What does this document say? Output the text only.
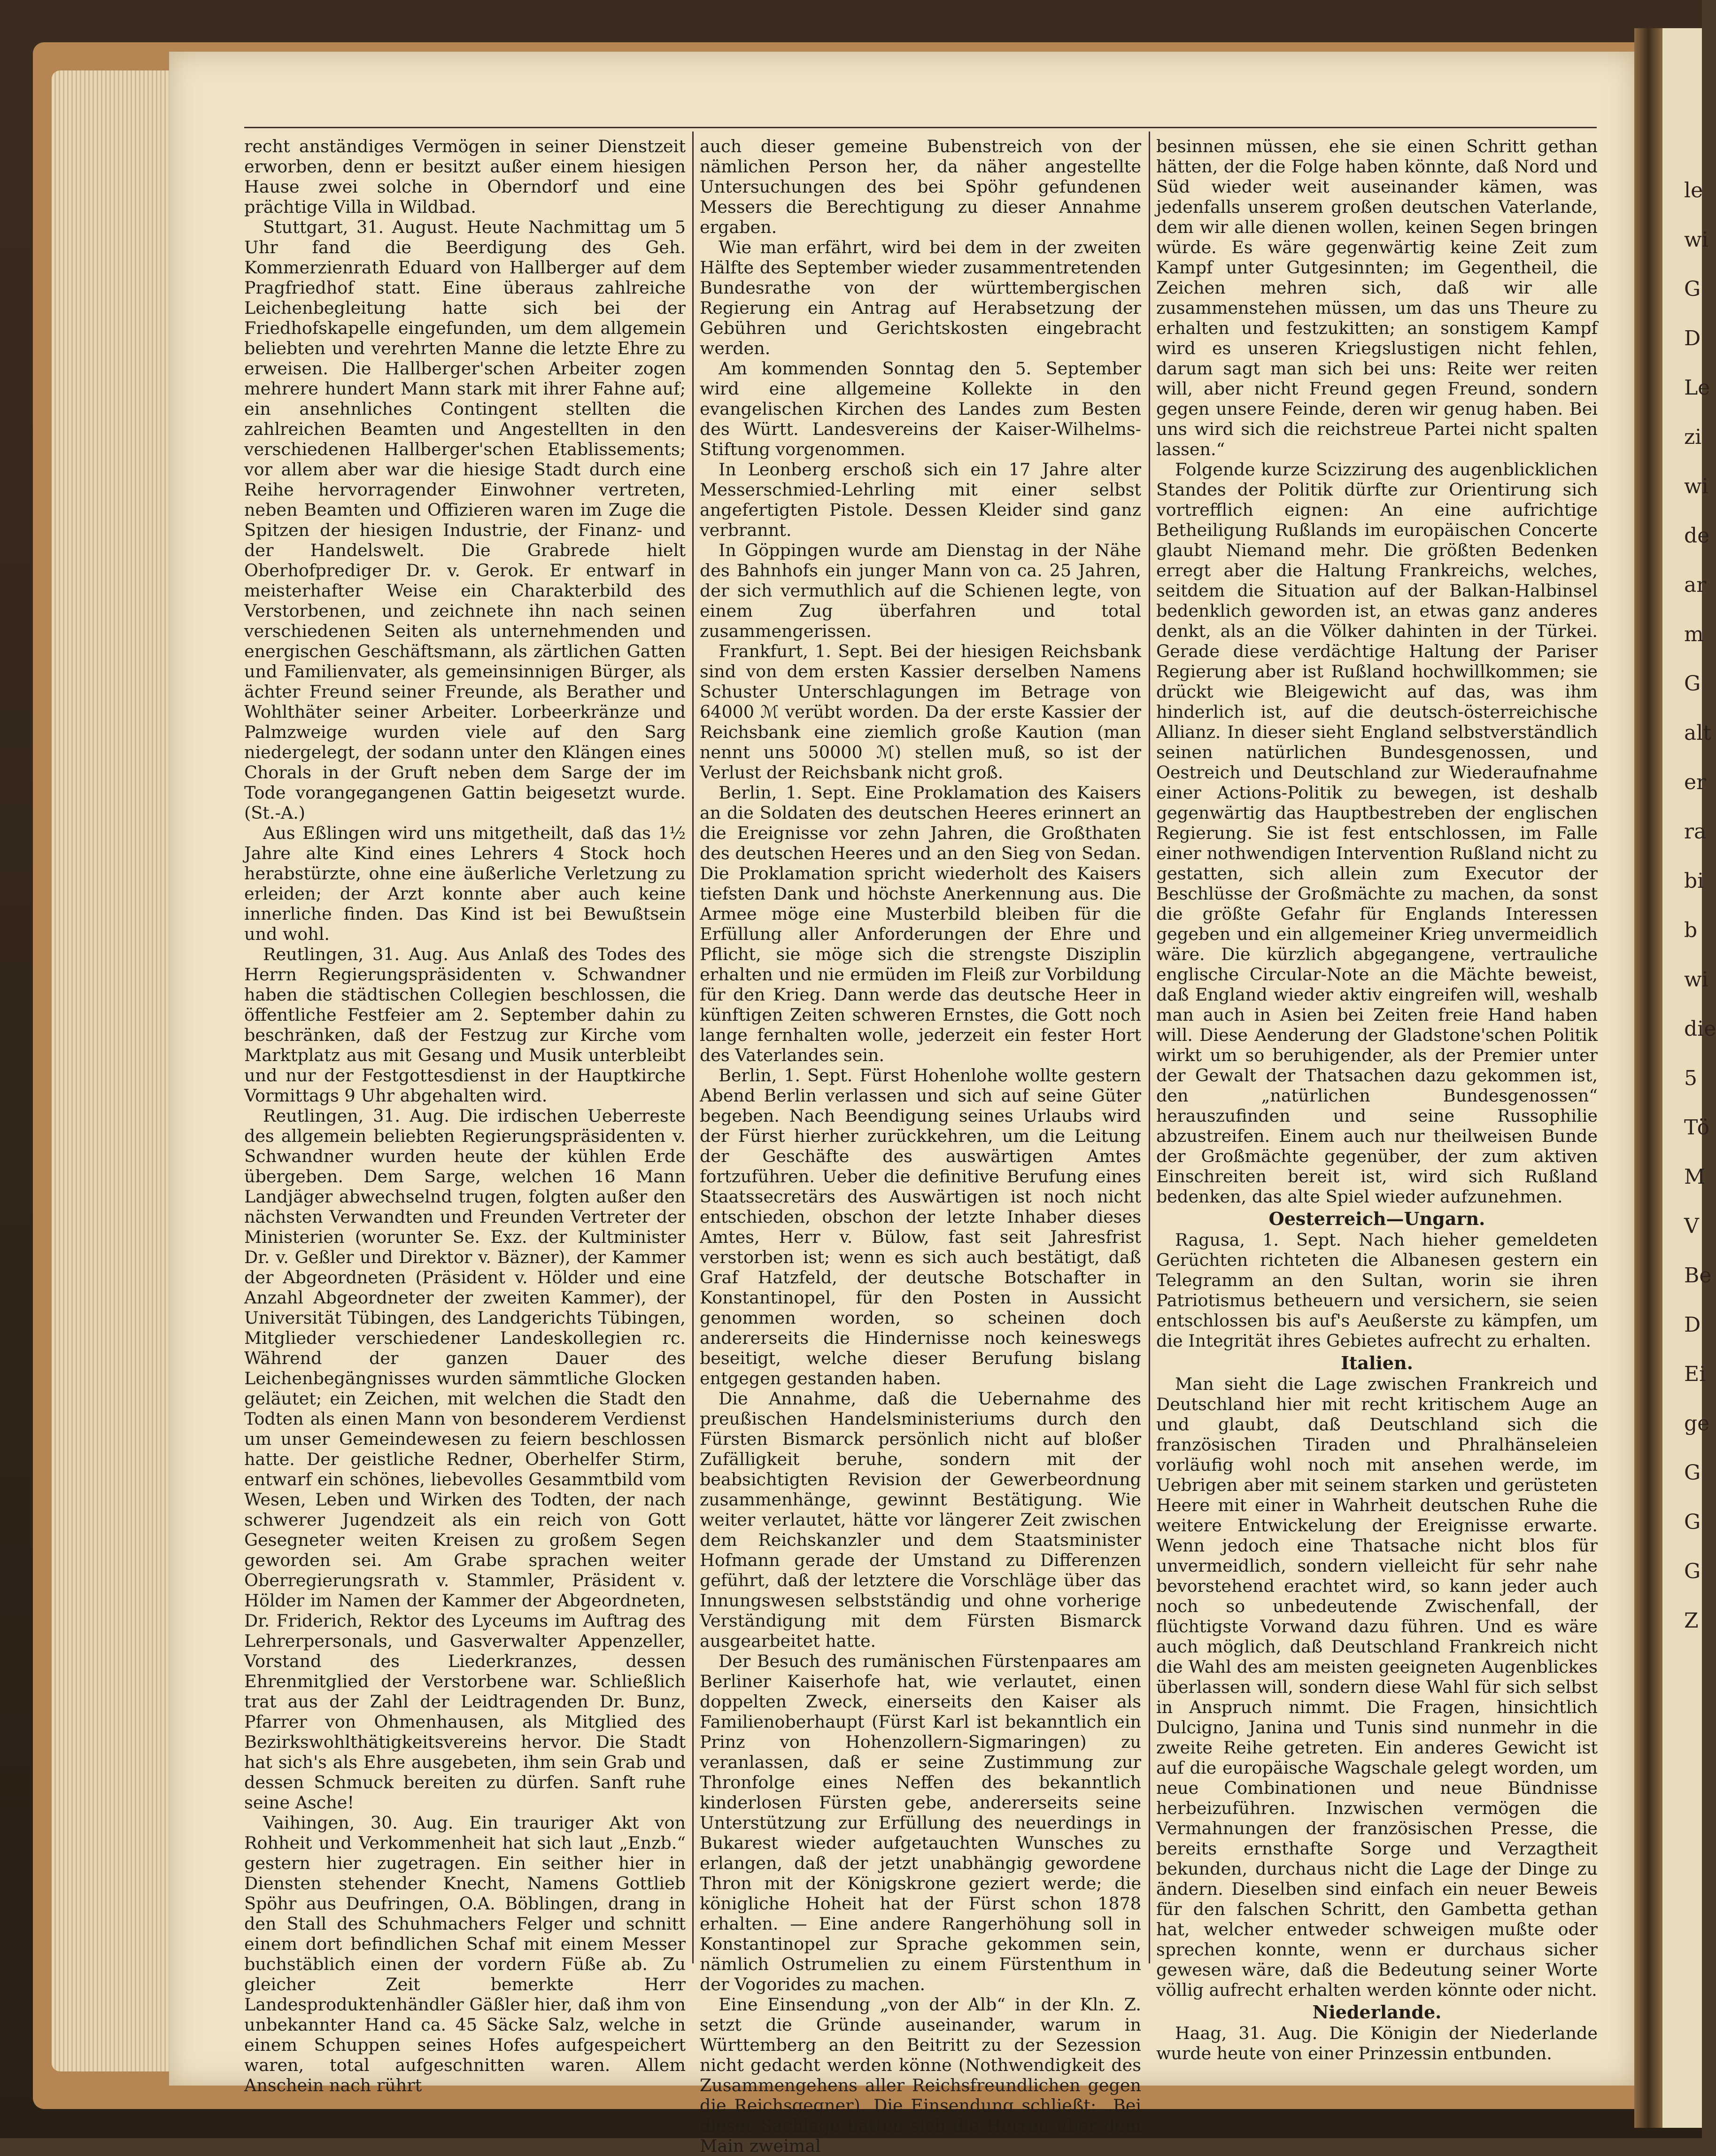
le
wi
G
D
Le
zi
wi
de
ar
m
G
alt
er
ra
bi
b
wi
die
5
Tö
M
V
Be
D
Ei
ge
G
G
G
Z

recht anständiges Vermögen in seiner Dienstzeit erworben, denn er besitzt außer einem hiesigen Hause zwei solche in Oberndorf und eine prächtige Villa in Wildbad.

Stuttgart, 31. August. Heute Nachmittag um 5 Uhr fand die Beerdigung des Geh. Kommerzienrath Eduard von Hallberger auf dem Pragfriedhof statt. Eine überaus zahlreiche Leichenbegleitung hatte sich bei der Friedhofskapelle eingefunden, um dem allgemein beliebten und verehrten Manne die letzte Ehre zu erweisen. Die Hallberger'schen Arbeiter zogen mehrere hundert Mann stark mit ihrer Fahne auf; ein ansehnliches Contingent stellten die zahlreichen Beamten und Angestellten in den verschiedenen Hallberger'schen Etablissements; vor allem aber war die hiesige Stadt durch eine Reihe hervorragender Einwohner vertreten, neben Beamten und Offizieren waren im Zuge die Spitzen der hiesigen Industrie, der Finanz- und der Handelswelt. Die Grabrede hielt Oberhofprediger Dr. v. Gerok. Er entwarf in meisterhafter Weise ein Charakterbild des Verstorbenen, und zeichnete ihn nach seinen verschiedenen Seiten als unternehmenden und energischen Geschäftsmann, als zärtlichen Gatten und Familienvater, als gemeinsinnigen Bürger, als ächter Freund seiner Freunde, als Berather und Wohlthäter seiner Arbeiter. Lorbeerkränze und Palmzweige wurden viele auf den Sarg niedergelegt, der sodann unter den Klängen eines Chorals in der Gruft neben dem Sarge der im Tode vorangegangenen Gattin beigesetzt wurde. (St.-A.)

Aus Eßlingen wird uns mitgetheilt, daß das 1½ Jahre alte Kind eines Lehrers 4 Stock hoch herabstürzte, ohne eine äußerliche Verletzung zu erleiden; der Arzt konnte aber auch keine innerliche finden. Das Kind ist bei Bewußtsein und wohl.

Reutlingen, 31. Aug. Aus Anlaß des Todes des Herrn Regierungspräsidenten v. Schwandner haben die städtischen Collegien beschlossen, die öffentliche Festfeier am 2. September dahin zu beschränken, daß der Festzug zur Kirche vom Marktplatz aus mit Gesang und Musik unterbleibt und nur der Festgottesdienst in der Hauptkirche Vormittags 9 Uhr abgehalten wird.

Reutlingen, 31. Aug. Die irdischen Ueberreste des allgemein beliebten Regierungspräsidenten v. Schwandner wurden heute der kühlen Erde übergeben. Dem Sarge, welchen 16 Mann Landjäger abwechselnd trugen, folgten außer den nächsten Verwandten und Freunden Vertreter der Ministerien (worunter Se. Exz. der Kultminister Dr. v. Geßler und Direktor v. Bäzner), der Kammer der Abgeordneten (Präsident v. Hölder und eine Anzahl Abgeordneter der zweiten Kammer), der Universität Tübingen, des Landgerichts Tübingen, Mitglieder verschiedener Landeskollegien rc. Während der ganzen Dauer des Leichenbegängnisses wurden sämmtliche Glocken geläutet; ein Zeichen, mit welchen die Stadt den Todten als einen Mann von besonderem Verdienst um unser Gemeindewesen zu feiern beschlossen hatte. Der geistliche Redner, Oberhelfer Stirm, entwarf ein schönes, liebevolles Gesammtbild vom Wesen, Leben und Wirken des Todten, der nach schwerer Jugendzeit als ein reich von Gott Gesegneter weiten Kreisen zu großem Segen geworden sei. Am Grabe sprachen weiter Oberregierungsrath v. Stammler, Präsident v. Hölder im Namen der Kammer der Abgeordneten, Dr. Friderich, Rektor des Lyceums im Auftrag des Lehrerpersonals, und Gasverwalter Appenzeller, Vorstand des Liederkranzes, dessen Ehrenmitglied der Verstorbene war. Schließlich trat aus der Zahl der Leidtragenden Dr. Bunz, Pfarrer von Ohmenhausen, als Mitglied des Bezirkswohlthätigkeitsvereins hervor. Die Stadt hat sich's als Ehre ausgebeten, ihm sein Grab und dessen Schmuck bereiten zu dürfen. Sanft ruhe seine Asche!

Vaihingen, 30. Aug. Ein trauriger Akt von Rohheit und Verkommenheit hat sich laut „Enzb.“ gestern hier zugetragen. Ein seither hier in Diensten stehender Knecht, Namens Gottlieb Spöhr aus Deufringen, O.A. Böblingen, drang in den Stall des Schuhmachers Felger und schnitt einem dort befindlichen Schaf mit einem Messer buchstäblich einen der vordern Füße ab. Zu gleicher Zeit bemerkte Herr Landesproduktenhändler Gäßler hier, daß ihm von unbekannter Hand ca. 45 Säcke Salz, welche in einem Schuppen seines Hofes aufgespeichert waren, total aufgeschnitten waren. Allem Anschein nach rührt

auch dieser gemeine Bubenstreich von der nämlichen Person her, da näher angestellte Untersuchungen des bei Spöhr gefundenen Messers die Berechtigung zu dieser Annahme ergaben.

Wie man erfährt, wird bei dem in der zweiten Hälfte des September wieder zusammentretenden Bundesrathe von der württembergischen Regierung ein Antrag auf Herabsetzung der Gebühren und Gerichtskosten eingebracht werden.

Am kommenden Sonntag den 5. September wird eine allgemeine Kollekte in den evangelischen Kirchen des Landes zum Besten des Württ. Landesvereins der Kaiser-Wilhelms-Stiftung vorgenommen.

In Leonberg erschoß sich ein 17 Jahre alter Messerschmied-Lehrling mit einer selbst angefertigten Pistole. Dessen Kleider sind ganz verbrannt.

In Göppingen wurde am Dienstag in der Nähe des Bahnhofs ein junger Mann von ca. 25 Jahren, der sich vermuthlich auf die Schienen legte, von einem Zug überfahren und total zusammengerissen.

Frankfurt, 1. Sept. Bei der hiesigen Reichsbank sind von dem ersten Kassier derselben Namens Schuster Unterschlagungen im Betrage von 64000 ℳ verübt worden. Da der erste Kassier der Reichsbank eine ziemlich große Kaution (man nennt uns 50000 ℳ) stellen muß, so ist der Verlust der Reichsbank nicht groß.

Berlin, 1. Sept. Eine Proklamation des Kaisers an die Soldaten des deutschen Heeres erinnert an die Ereignisse vor zehn Jahren, die Großthaten des deutschen Heeres und an den Sieg von Sedan. Die Proklamation spricht wiederholt des Kaisers tiefsten Dank und höchste Anerkennung aus. Die Armee möge eine Musterbild bleiben für die Erfüllung aller Anforderungen der Ehre und Pflicht, sie möge sich die strengste Disziplin erhalten und nie ermüden im Fleiß zur Vorbildung für den Krieg. Dann werde das deutsche Heer in künftigen Zeiten schweren Ernstes, die Gott noch lange fernhalten wolle, jederzeit ein fester Hort des Vaterlandes sein.

Berlin, 1. Sept. Fürst Hohenlohe wollte gestern Abend Berlin verlassen und sich auf seine Güter begeben. Nach Beendigung seines Urlaubs wird der Fürst hierher zurückkehren, um die Leitung der Geschäfte des auswärtigen Amtes fortzuführen. Ueber die definitive Berufung eines Staatssecretärs des Auswärtigen ist noch nicht entschieden, obschon der letzte Inhaber dieses Amtes, Herr v. Bülow, fast seit Jahresfrist verstorben ist; wenn es sich auch bestätigt, daß Graf Hatzfeld, der deutsche Botschafter in Konstantinopel, für den Posten in Aussicht genommen worden, so scheinen doch andererseits die Hindernisse noch keineswegs beseitigt, welche dieser Berufung bislang entgegen gestanden haben.

Die Annahme, daß die Uebernahme des preußischen Handelsministeriums durch den Fürsten Bismarck persönlich nicht auf bloßer Zufälligkeit beruhe, sondern mit der beabsichtigten Revision der Gewerbeordnung zusammenhänge, gewinnt Bestätigung. Wie weiter verlautet, hätte vor längerer Zeit zwischen dem Reichskanzler und dem Staatsminister Hofmann gerade der Umstand zu Differenzen geführt, daß der letztere die Vorschläge über das Innungswesen selbstständig und ohne vorherige Verständigung mit dem Fürsten Bismarck ausgearbeitet hatte.

Der Besuch des rumänischen Fürstenpaares am Berliner Kaiserhofe hat, wie verlautet, einen doppelten Zweck, einerseits den Kaiser als Familienoberhaupt (Fürst Karl ist bekanntlich ein Prinz von Hohenzollern-Sigmaringen) zu veranlassen, daß er seine Zustimmung zur Thronfolge eines Neffen des bekanntlich kinderlosen Fürsten gebe, andererseits seine Unterstützung zur Erfüllung des neuerdings in Bukarest wieder aufgetauchten Wunsches zu erlangen, daß der jetzt unabhängig gewordene Thron mit der Königskrone geziert werde; die königliche Hoheit hat der Fürst schon 1878 erhalten. — Eine andere Rangerhöhung soll in Konstantinopel zur Sprache gekommen sein, nämlich Ostrumelien zu einem Fürstenthum in der Vogorides zu machen.

Eine Einsendung „von der Alb“ in der Kln. Z. setzt die Gründe auseinander, warum in Württemberg an den Beitritt zu der Sezession nicht gedacht werden könne (Nothwendigkeit des Zusammengehens aller Reichsfreundlichen gegen die Reichsgegner). Die Einsendung schließt: „Bei dieser Sachlage hätten sich die Herren über dem Main zweimal

besinnen müssen, ehe sie einen Schritt gethan hätten, der die Folge haben könnte, daß Nord und Süd wieder weit auseinander kämen, was jedenfalls unserem großen deutschen Vaterlande, dem wir alle dienen wollen, keinen Segen bringen würde. Es wäre gegenwärtig keine Zeit zum Kampf unter Gutgesinnten; im Gegentheil, die Zeichen mehren sich, daß wir alle zusammenstehen müssen, um das uns Theure zu erhalten und festzukitten; an sonstigem Kampf wird es unseren Kriegslustigen nicht fehlen, darum sagt man sich bei uns: Reite wer reiten will, aber nicht Freund gegen Freund, sondern gegen unsere Feinde, deren wir genug haben. Bei uns wird sich die reichstreue Partei nicht spalten lassen.“

Folgende kurze Scizzirung des augenblicklichen Standes der Politik dürfte zur Orientirung sich vortrefflich eignen: An eine aufrichtige Betheiligung Rußlands im europäischen Concerte glaubt Niemand mehr. Die größten Bedenken erregt aber die Haltung Frankreichs, welches, seitdem die Situation auf der Balkan-Halbinsel bedenklich geworden ist, an etwas ganz anderes denkt, als an die Völker dahinten in der Türkei. Gerade diese verdächtige Haltung der Pariser Regierung aber ist Rußland hochwillkommen; sie drückt wie Bleigewicht auf das, was ihm hinderlich ist, auf die deutsch-österreichische Allianz. In dieser sieht England selbstverständlich seinen natürlichen Bundesgenossen, und Oestreich und Deutschland zur Wiederaufnahme einer Actions-Politik zu bewegen, ist deshalb gegenwärtig das Hauptbestreben der englischen Regierung. Sie ist fest entschlossen, im Falle einer nothwendigen Intervention Rußland nicht zu gestatten, sich allein zum Executor der Beschlüsse der Großmächte zu machen, da sonst die größte Gefahr für Englands Interessen gegeben und ein allgemeiner Krieg unvermeidlich wäre. Die kürzlich abgegangene, vertrauliche englische Circular-Note an die Mächte beweist, daß England wieder aktiv eingreifen will, weshalb man auch in Asien bei Zeiten freie Hand haben will. Diese Aenderung der Gladstone'schen Politik wirkt um so beruhigender, als der Premier unter der Gewalt der Thatsachen dazu gekommen ist, den „natürlichen Bundesgenossen“ herauszufinden und seine Russophilie abzustreifen. Einem auch nur theilweisen Bunde der Großmächte gegenüber, der zum aktiven Einschreiten bereit ist, wird sich Rußland bedenken, das alte Spiel wieder aufzunehmen.

Oesterreich—Ungarn.

Ragusa, 1. Sept. Nach hieher gemeldeten Gerüchten richteten die Albanesen gestern ein Telegramm an den Sultan, worin sie ihren Patriotismus betheuern und versichern, sie seien entschlossen bis auf's Aeußerste zu kämpfen, um die Integrität ihres Gebietes aufrecht zu erhalten.

Italien.

Man sieht die Lage zwischen Frankreich und Deutschland hier mit recht kritischem Auge an und glaubt, daß Deutschland sich die französischen Tiraden und Phralhänseleien vorläufig wohl noch mit ansehen werde, im Uebrigen aber mit seinem starken und gerüsteten Heere mit einer in Wahrheit deutschen Ruhe die weitere Entwickelung der Ereignisse erwarte. Wenn jedoch eine Thatsache nicht blos für unvermeidlich, sondern vielleicht für sehr nahe bevorstehend erachtet wird, so kann jeder auch noch so unbedeutende Zwischenfall, der flüchtigste Vorwand dazu führen. Und es wäre auch möglich, daß Deutschland Frankreich nicht die Wahl des am meisten geeigneten Augenblickes überlassen will, sondern diese Wahl für sich selbst in Anspruch nimmt. Die Fragen, hinsichtlich Dulcigno, Janina und Tunis sind nunmehr in die zweite Reihe getreten. Ein anderes Gewicht ist auf die europäische Wagschale gelegt worden, um neue Combinationen und neue Bündnisse herbeizuführen. Inzwischen vermögen die Vermahnungen der französischen Presse, die bereits ernsthafte Sorge und Verzagtheit bekunden, durchaus nicht die Lage der Dinge zu ändern. Dieselben sind einfach ein neuer Beweis für den falschen Schritt, den Gambetta gethan hat, welcher entweder schweigen mußte oder sprechen konnte, wenn er durchaus sicher gewesen wäre, daß die Bedeutung seiner Worte völlig aufrecht erhalten werden könnte oder nicht.

Niederlande.

Haag, 31. Aug. Die Königin der Niederlande wurde heute von einer Prinzessin entbunden.
